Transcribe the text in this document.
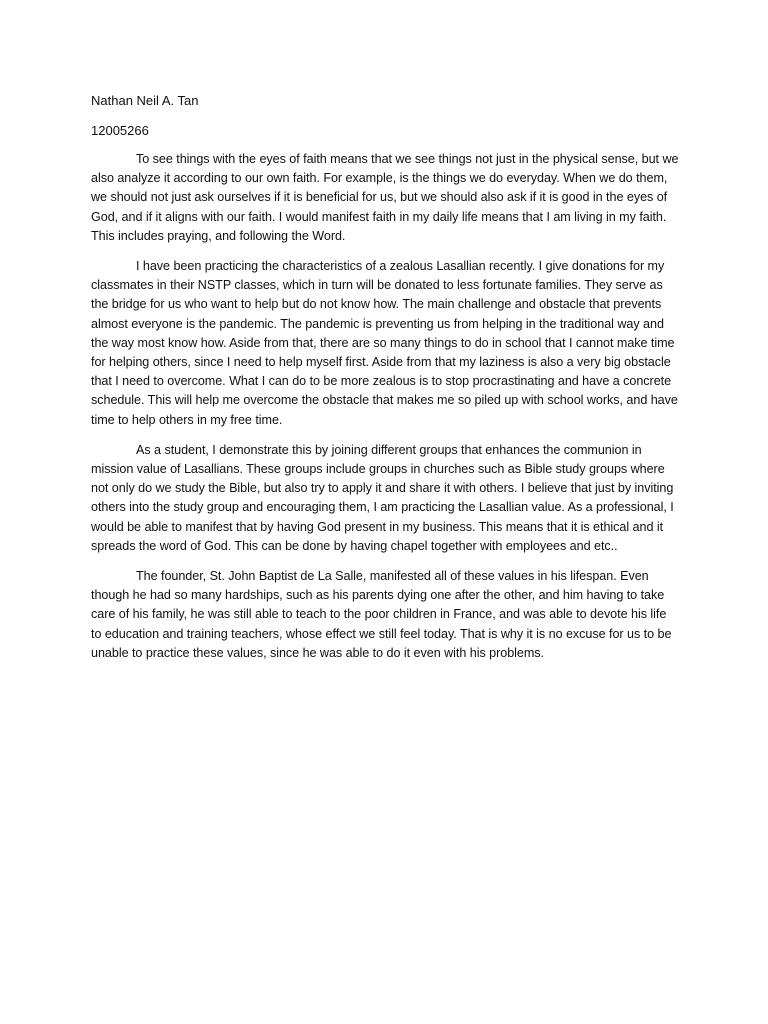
Nathan Neil A. Tan

12005266

To see things with the eyes of faith means that we see things not just in the physical sense, but we also analyze it according to our own faith. For example, is the things we do everyday. When we do them, we should not just ask ourselves if it is beneficial for us, but we should also ask if it is good in the eyes of God, and if it aligns with our faith. I would manifest faith in my daily life means that I am living in my faith. This includes praying, and following the Word.

I have been practicing the characteristics of a zealous Lasallian recently. I give donations for my classmates in their NSTP classes, which in turn will be donated to less fortunate families. They serve as the bridge for us who want to help but do not know how. The main challenge and obstacle that prevents almost everyone is the pandemic. The pandemic is preventing us from helping in the traditional way and the way most know how. Aside from that, there are so many things to do in school that I cannot make time for helping others, since I need to help myself first. Aside from that my laziness is also a very big obstacle that I need to overcome. What I can do to be more zealous is to stop procrastinating and have a concrete schedule. This will help me overcome the obstacle that makes me so piled up with school works, and have time to help others in my free time.

As a student, I demonstrate this by joining different groups that enhances the communion in mission value of Lasallians. These groups include groups in churches such as Bible study groups where not only do we study the Bible, but also try to apply it and share it with others. I believe that just by inviting others into the study group and encouraging them, I am practicing the Lasallian value. As a professional, I would be able to manifest that by having God present in my business. This means that it is ethical and it spreads the word of God. This can be done by having chapel together with employees and etc..

The founder, St. John Baptist de La Salle, manifested all of these values in his lifespan. Even though he had so many hardships, such as his parents dying one after the other, and him having to take care of his family, he was still able to teach to the poor children in France, and was able to devote his life to education and training teachers, whose effect we still feel today. That is why it is no excuse for us to be unable to practice these values, since he was able to do it even with his problems.
